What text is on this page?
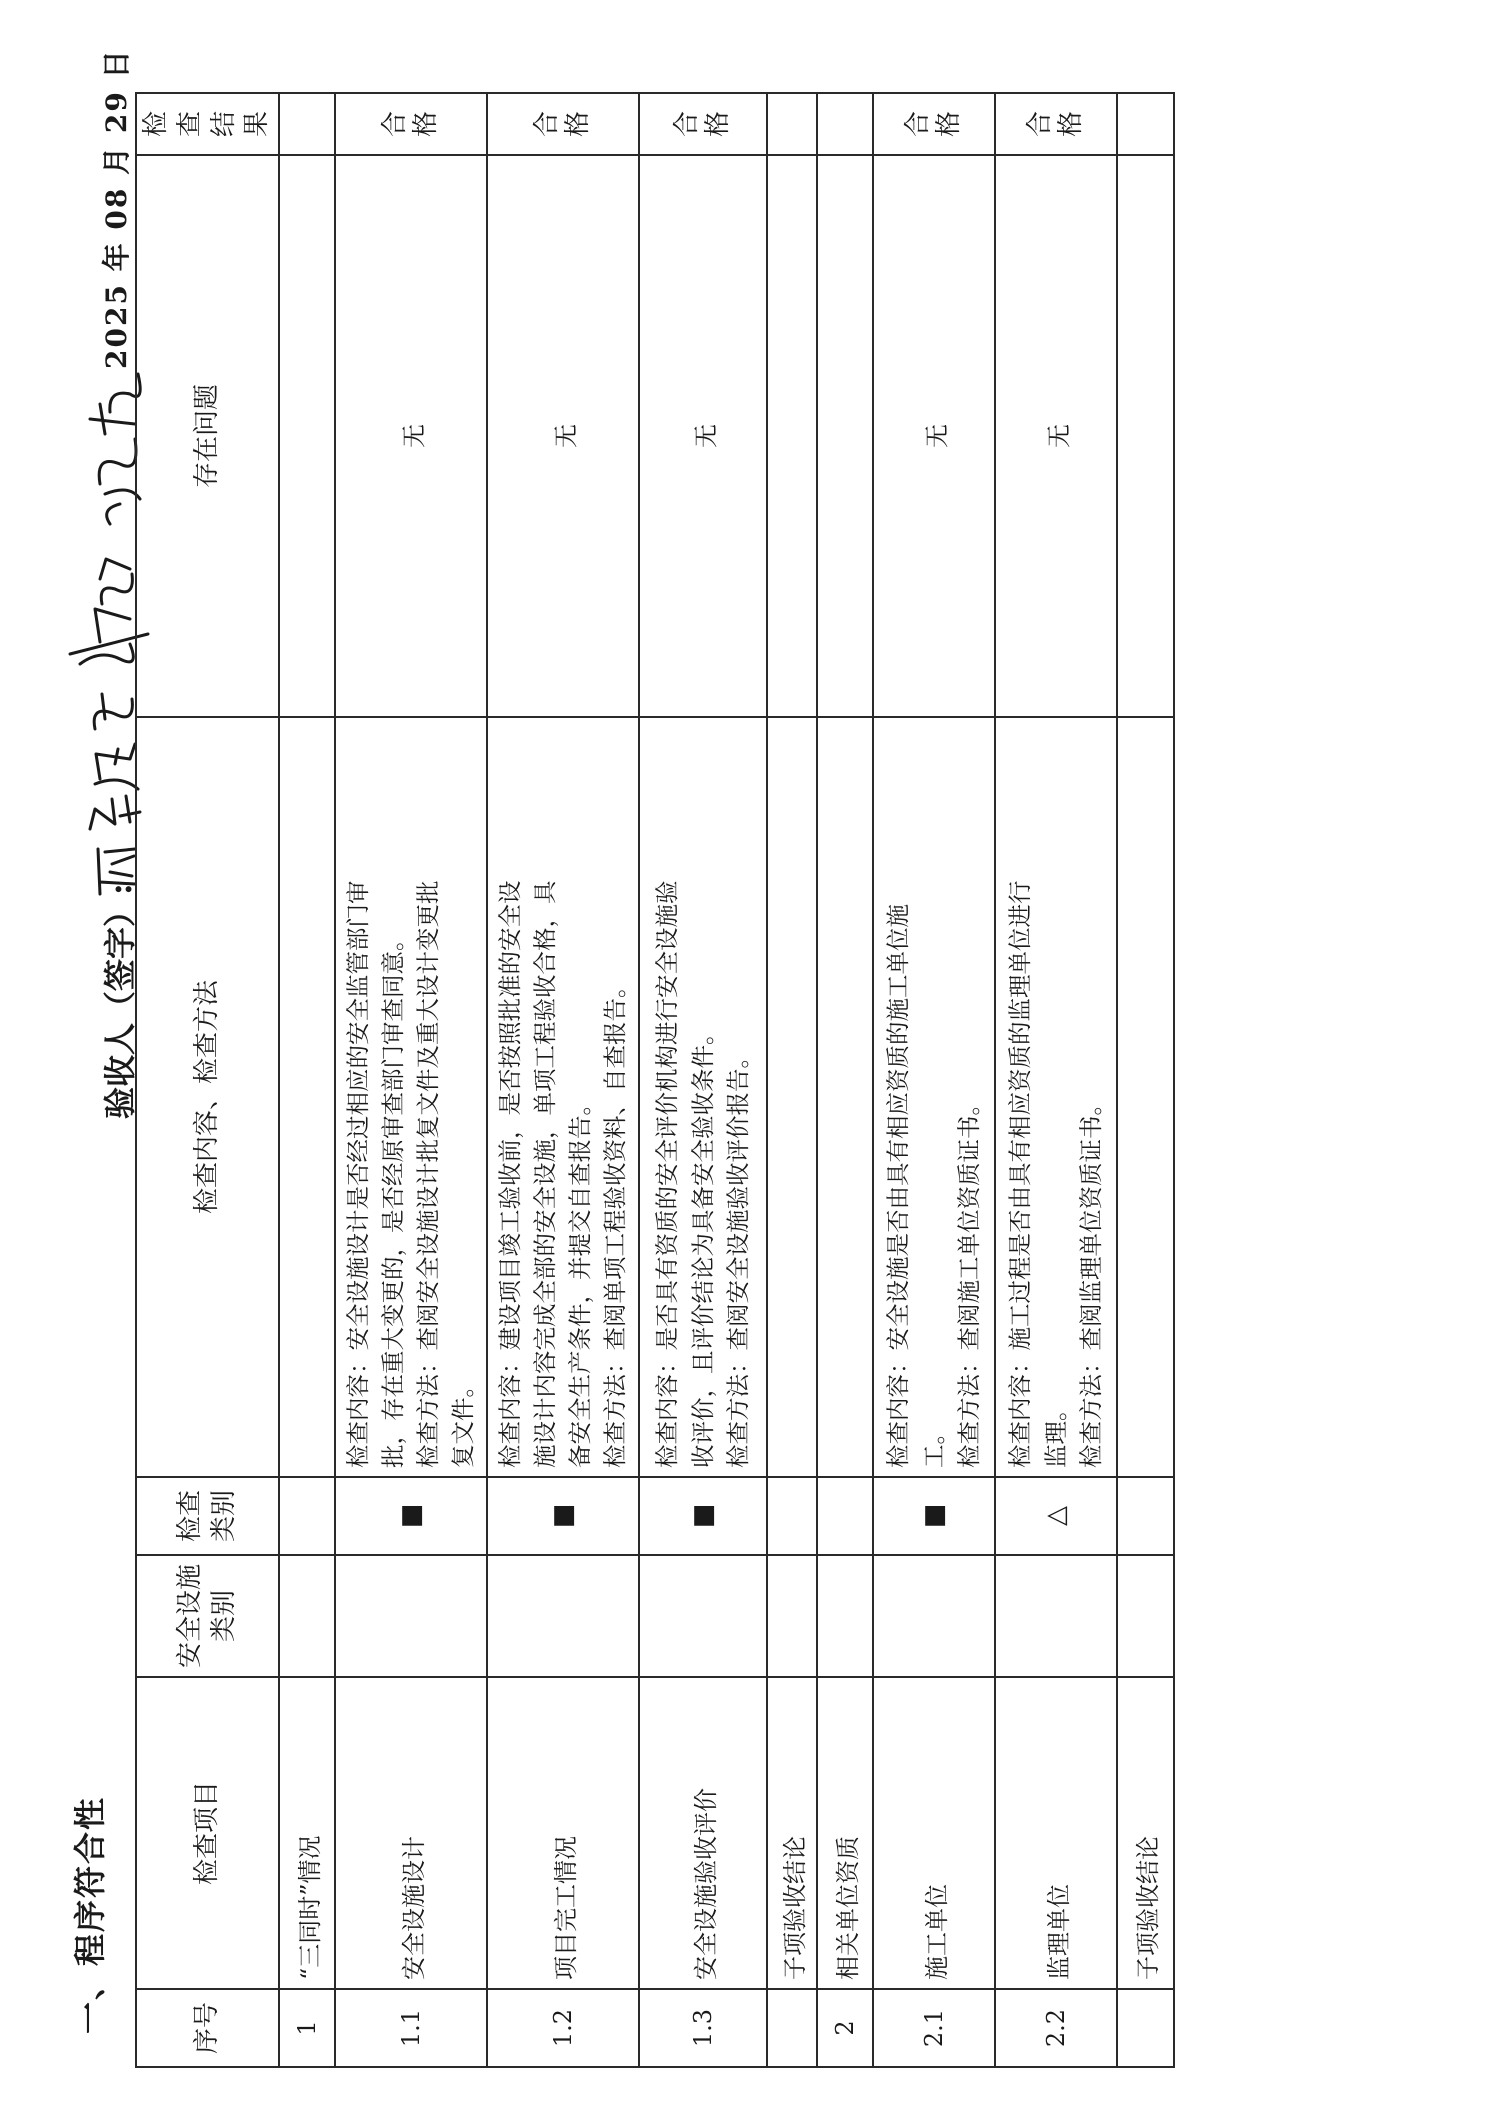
一、程序符合性
验收人（签字）:
2025 年 08 月 29 日
序号	检查项目	安全设施类别	检查类别	检查内容、检查方法	存在问题	检查结果
1	“三同时”情况					
1.1	安全设施设计		■	检查内容：安全设施设计是否经过相应的安全监管部门审 批，存在重大变更的，是否经原审查部门审查同意。 检查方法：查阅安全设施设计批复文件及重大设计变更批 复文件。	无	合格
1.2	项目完工情况		■	检查内容：建设项目竣工验收前，是否按照批准的安全设 施设计内容完成全部的安全设施，单项工程验收合格，具 备安全生产条件，并提交自查报告。 检查方法：查阅单项工程验收资料、自查报告。	无	合格
1.3	安全设施验收评价		■	检查内容：是否具有资质的安全评价机构进行安全设施验 收评价，且评价结论为具备安全验收条件。 检查方法：查阅安全设施验收评价报告。	无	合格
	子项验收结论					
2	相关单位资质					
2.1	施工单位		■	检查内容：安全设施是否由具有相应资质的施工单位施 工。 检查方法：查阅施工单位资质证书。	无	合格
2.2	监理单位		△	检查内容：施工过程是否由具有相应资质的监理单位进行 监理。 检查方法：查阅监理单位资质证书。	无	合格
	子项验收结论					
